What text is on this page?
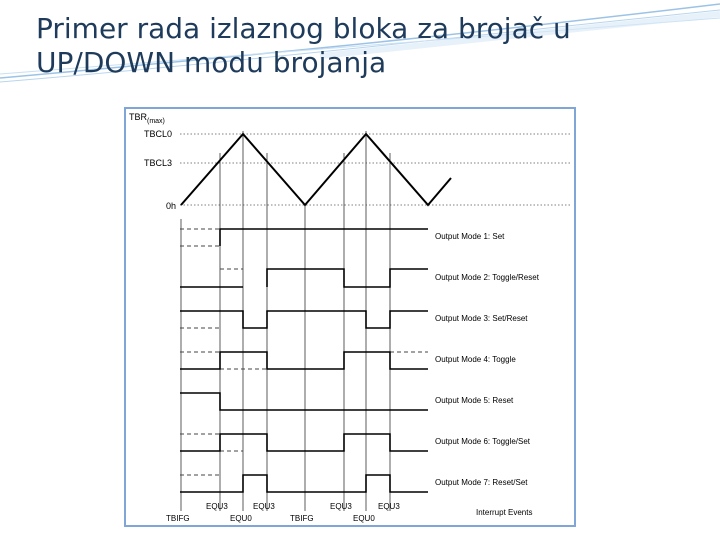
Primer rada izlaznog bloka za brojač u UP/DOWN modu brojanja
$TBR_{(max)}$
TBCL0
TBCL3
0h
Output Mode 1: Set
Output Mode 2: Toggle/Reset
Output Mode 3: Set/Reset
Output Mode 4: Toggle
Output Mode 5: Reset
Output Mode 6: Toggle/Set
Output Mode 7: Reset/Set
EQU3	EQU3	EQU3	EQU3
TBIFG	EQU0	TBIFG	EQU0
Interrupt Events
